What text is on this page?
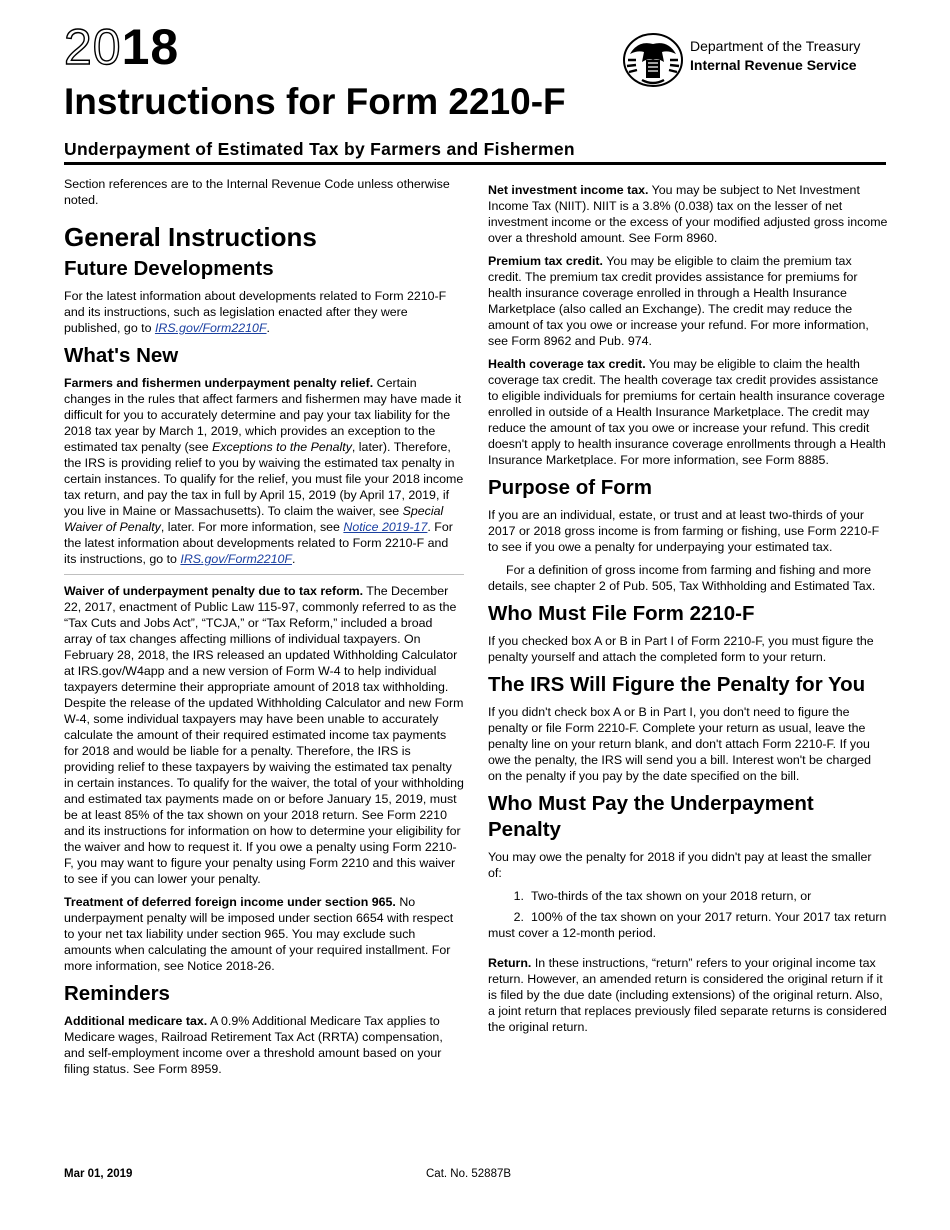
2018
Instructions for Form 2210-F
Underpayment of Estimated Tax by Farmers and Fishermen
Department of the Treasury
Internal Revenue Service

Section references are to the Internal Revenue Code unless otherwise noted.

General Instructions
Future Developments

For the latest information about developments related to Form 2210-F and its instructions, such as legislation enacted after they were published, go to IRS.gov/Form2210F.

What's New

Farmers and fishermen underpayment penalty relief. Certain changes in the rules that affect farmers and fishermen may have made it difficult for you to accurately determine and pay your tax liability for the 2018 tax year by March 1, 2019, which provides an exception to the estimated tax penalty (see Exceptions to the Penalty, later). Therefore, the IRS is providing relief to you by waiving the estimated tax penalty in certain instances. To qualify for the relief, you must file your 2018 income tax return, and pay the tax in full by April 15, 2019 (by April 17, 2019, if you live in Maine or Massachusetts). To claim the waiver, see Special Waiver of Penalty, later. For more information, see Notice 2019-17. For the latest information about developments related to Form 2210-F and its instructions, go to IRS.gov/Form2210F.

Waiver of underpayment penalty due to tax reform. The December 22, 2017, enactment of Public Law 115-97, commonly referred to as the “Tax Cuts and Jobs Act”, “TCJA,” or “Tax Reform,” included a broad array of tax changes affecting millions of individual taxpayers. On February 28, 2018, the IRS released an updated Withholding Calculator at IRS.gov/W4app and a new version of Form W-4 to help individual taxpayers determine their appropriate amount of 2018 tax withholding. Despite the release of the updated Withholding Calculator and new Form W-4, some individual taxpayers may have been unable to accurately calculate the amount of their required estimated income tax payments for 2018 and would be liable for a penalty. Therefore, the IRS is providing relief to these taxpayers by waiving the estimated tax penalty in certain instances. To qualify for the waiver, the total of your withholding and estimated tax payments made on or before January 15, 2019, must be at least 85% of the tax shown on your 2018 return. See Form 2210 and its instructions for information on how to determine your eligibility for the waiver and how to request it. If you owe a penalty using Form 2210-F, you may want to figure your penalty using Form 2210 and this waiver to see if you can lower your penalty.

Treatment of deferred foreign income under section 965. No underpayment penalty will be imposed under section 6654 with respect to your net tax liability under section 965. You may exclude such amounts when calculating the amount of your required installment. For more information, see Notice 2018-26.

Reminders

Additional medicare tax. A 0.9% Additional Medicare Tax applies to Medicare wages, Railroad Retirement Tax Act (RRTA) compensation, and self-employment income over a threshold amount based on your filing status. See Form 8959.

Net investment income tax. You may be subject to Net Investment Income Tax (NIIT). NIIT is a 3.8% (0.038) tax on the lesser of net investment income or the excess of your modified adjusted gross income over a threshold amount. See Form 8960.

Premium tax credit. You may be eligible to claim the premium tax credit. The premium tax credit provides assistance for premiums for health insurance coverage enrolled in through a Health Insurance Marketplace (also called an Exchange). The credit may reduce the amount of tax you owe or increase your refund. For more information, see Form 8962 and Pub. 974.

Health coverage tax credit. You may be eligible to claim the health coverage tax credit. The health coverage tax credit provides assistance to eligible individuals for premiums for certain health insurance coverage enrolled in outside of a Health Insurance Marketplace. The credit may reduce the amount of tax you owe or increase your refund. This credit doesn't apply to health insurance coverage enrollments through a Health Insurance Marketplace. For more information, see Form 8885.

Purpose of Form

If you are an individual, estate, or trust and at least two-thirds of your 2017 or 2018 gross income is from farming or fishing, use Form 2210-F to see if you owe a penalty for underpaying your estimated tax.

For a definition of gross income from farming and fishing and more details, see chapter 2 of Pub. 505, Tax Withholding and Estimated Tax.

Who Must File Form 2210-F

If you checked box A or B in Part I of Form 2210-F, you must figure the penalty yourself and attach the completed form to your return.

The IRS Will Figure the Penalty for You

If you didn't check box A or B in Part I, you don't need to figure the penalty or file Form 2210-F. Complete your return as usual, leave the penalty line on your return blank, and don't attach Form 2210-F. If you owe the penalty, the IRS will send you a bill. Interest won't be charged on the penalty if you pay by the date specified on the bill.

Who Must Pay the Underpayment Penalty

You may owe the penalty for 2018 if you didn't pay at least the smaller of:

1. Two-thirds of the tax shown on your 2018 return, or
2. 100% of the tax shown on your 2017 return. Your 2017 tax return must cover a 12-month period.

Return. In these instructions, “return” refers to your original income tax return. However, an amended return is considered the original return if it is filed by the due date (including extensions) of the original return. Also, a joint return that replaces previously filed separate returns is considered the original return.

Mar 01, 2019	Cat. No. 52887B
